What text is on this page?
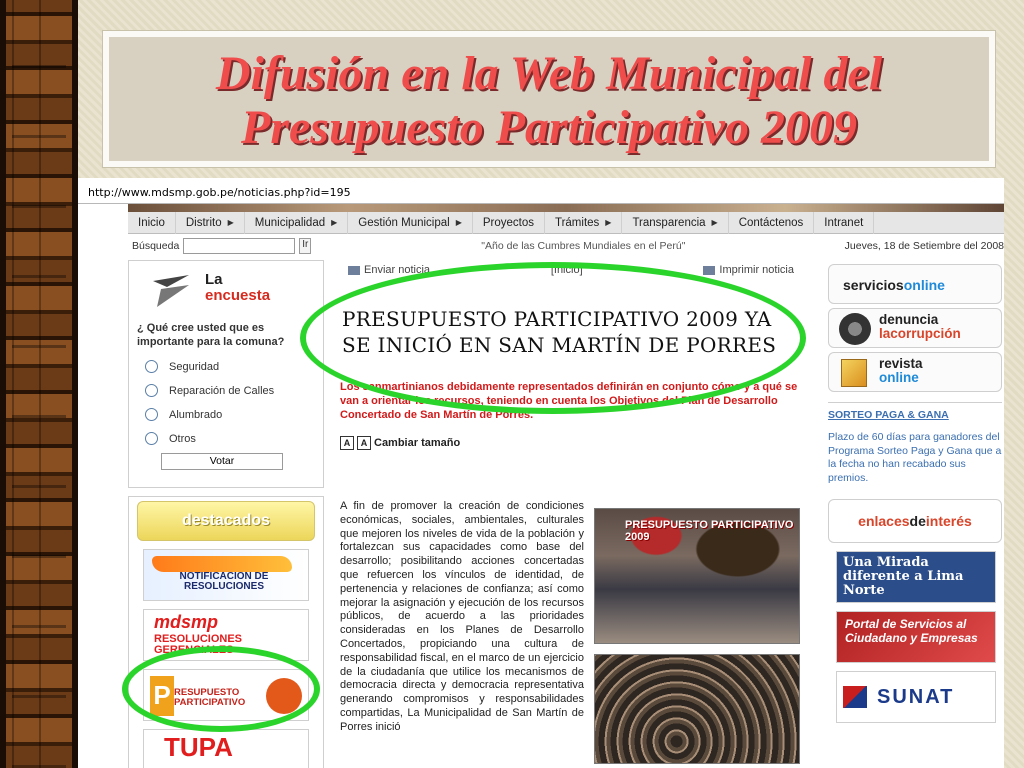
Difusión en la Web Municipal del
Presupuesto Participativo 2009
http://www.mdsmp.gob.pe/noticias.php?id=195
Inicio Distrito ▶ Municipalidad ▶ Gestión Municipal ▶ Proyectos Trámites ▶ Transparencia ▶ Contáctenos Intranet
Búsqueda	Ir	"Año de las Cumbres Mundiales en el Perú"	Jueves, 18 de Setiembre del 2008
La
encuesta
¿ Qué cree usted que es importante para la comuna?
Seguridad
Reparación de Calles
Alumbrado
Otros
Votar
destacados
NOTIFICACION DE RESOLUCIONES
mdsmp
RESOLUCIONES GERENCIALES
P RESUPUESTO PARTICIPATIVO
TUPA
Enviar noticia	[Inicio]	Imprimir noticia
PRESUPUESTO PARTICIPATIVO 2009 YA SE INICIÓ EN SAN MARTÍN DE PORRES
Los sanmartinianos debidamente representados definirán en conjunto cómo y a qué se van a orientar los recursos, teniendo en cuenta los Objetivos del Plan de Desarrollo Concertado de San Martín de Porres.
A	A Cambiar tamaño
A fin de promover la creación de condiciones económicas, sociales, ambientales, culturales que mejoren los niveles de vida de la población y fortalezcan sus capacidades como base del desarrollo; posibilitando acciones concertadas que refuercen los vínculos de identidad, de pertenencia y relaciones de confianza; así como mejorar la asignación y ejecución de los recursos públicos, de acuerdo a las prioridades consideradas en los Planes de Desarrollo Concertados, propiciando una cultura de responsabilidad fiscal, en el marco de un ejercicio de la ciudadanía que utilice los mecanismos de democracia directa y democracia representativa generando compromisos y responsabilidades compartidas, La Municipalidad de San Martín de Porres inició
PRESUPUESTO PARTICIPATIVO 2009
serviciosonline
denuncia
lacorrupción
revista
online
SORTEO PAGA & GANA
Plazo de 60 días para ganadores del Programa Sorteo Paga y Gana que a la fecha no han recabado sus premios.
enlacesdeinterés
Una Mirada diferente a Lima Norte
Portal de Servicios al Ciudadano y Empresas
SUNAT
